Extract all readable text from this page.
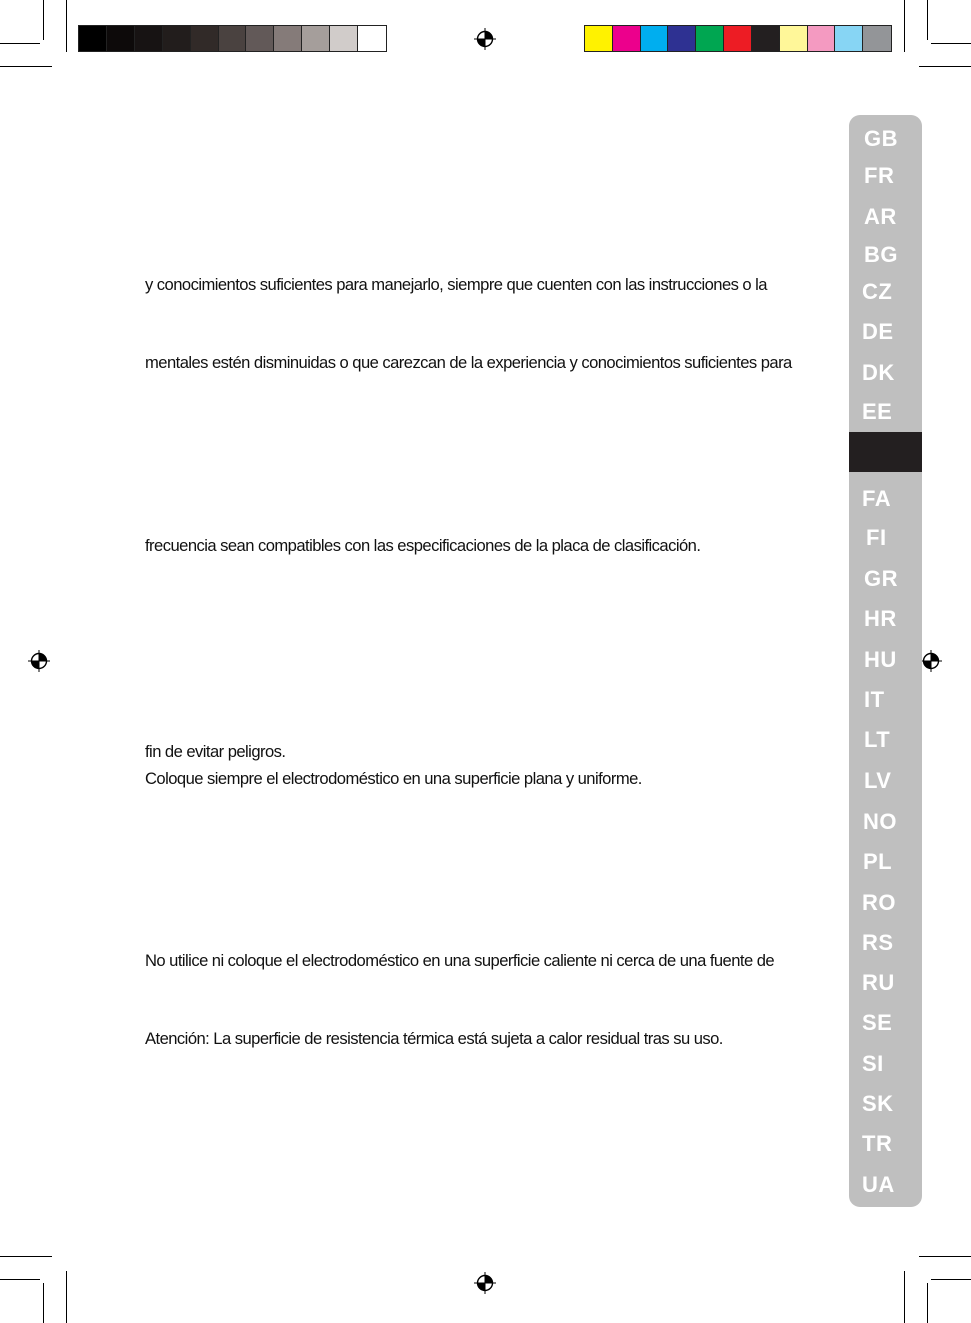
y conocimientos suficientes para manejarlo, siempre que cuenten con las instrucciones o la

mentales estén disminuidas o que carezcan de la experiencia y conocimientos suficientes para

frecuencia sean compatibles con las especificaciones de la placa de clasificación.

fin de evitar peligros.

Coloque siempre el electrodoméstico en una superficie plana y uniforme.

No utilice ni coloque el electrodoméstico en una superficie caliente ni cerca de una fuente de

Atención: La superficie de resistencia térmica está sujeta a calor residual tras su uso.

GB
FR
AR
BG
CZ
DE
DK
EE
FA
FI
GR
HR
HU
IT
LT
LV
NO
PL
RO
RS
RU
SE
SI
SK
TR
UA
